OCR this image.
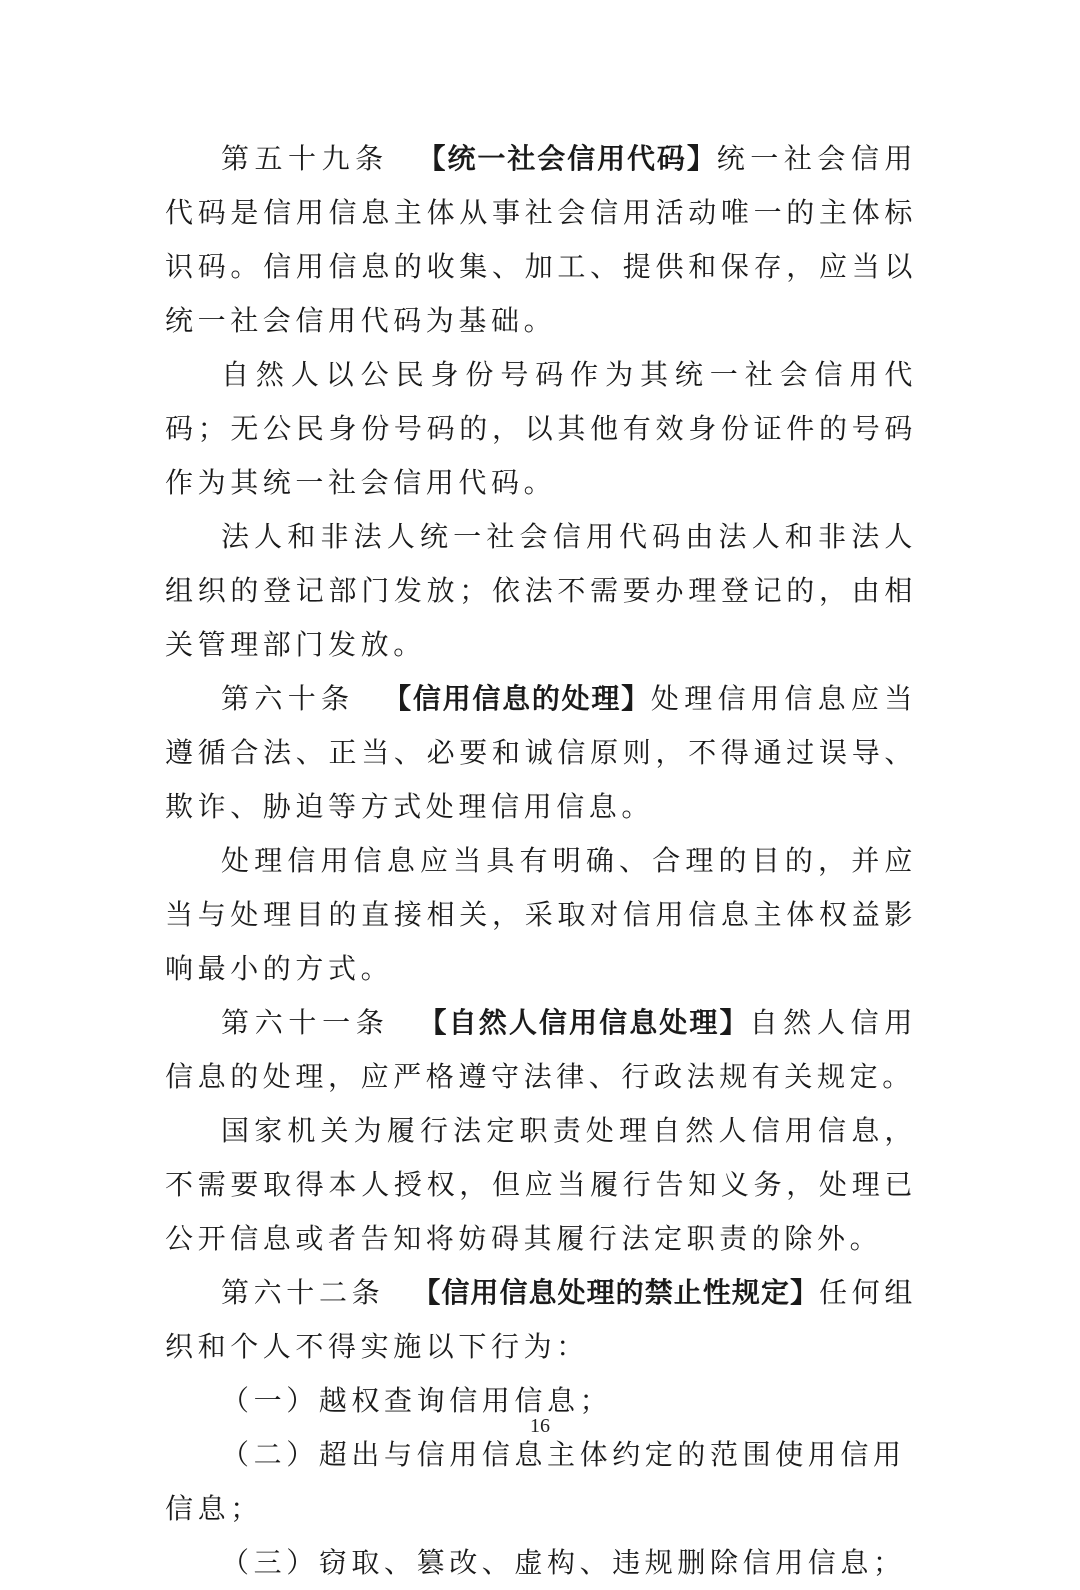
第五十九条 【统一社会信用代码】统一社会信用代码是信用信息主体从事社会信用活动唯一的主体标识码。信用信息的收集、加工、提供和保存，应当以统一社会信用代码为基础。

自然人以公民身份号码作为其统一社会信用代码；无公民身份号码的，以其他有效身份证件的号码作为其统一社会信用代码。

法人和非法人统一社会信用代码由法人和非法人组织的登记部门发放；依法不需要办理登记的，由相关管理部门发放。

第六十条 【信用信息的处理】处理信用信息应当遵循合法、正当、必要和诚信原则，不得通过误导、欺诈、胁迫等方式处理信用信息。

处理信用信息应当具有明确、合理的目的，并应当与处理目的直接相关，采取对信用信息主体权益影响最小的方式。

第六十一条 【自然人信用信息处理】自然人信用信息的处理，应严格遵守法律、行政法规有关规定。

国家机关为履行法定职责处理自然人信用信息，不需要取得本人授权，但应当履行告知义务，处理已公开信息或者告知将妨碍其履行法定职责的除外。

第六十二条 【信用信息处理的禁止性规定】任何组织和个人不得实施以下行为：

（一）越权查询信用信息；

（二）超出与信用信息主体约定的范围使用信用信息；

（三）窃取、篡改、虚构、违规删除信用信息；

16
